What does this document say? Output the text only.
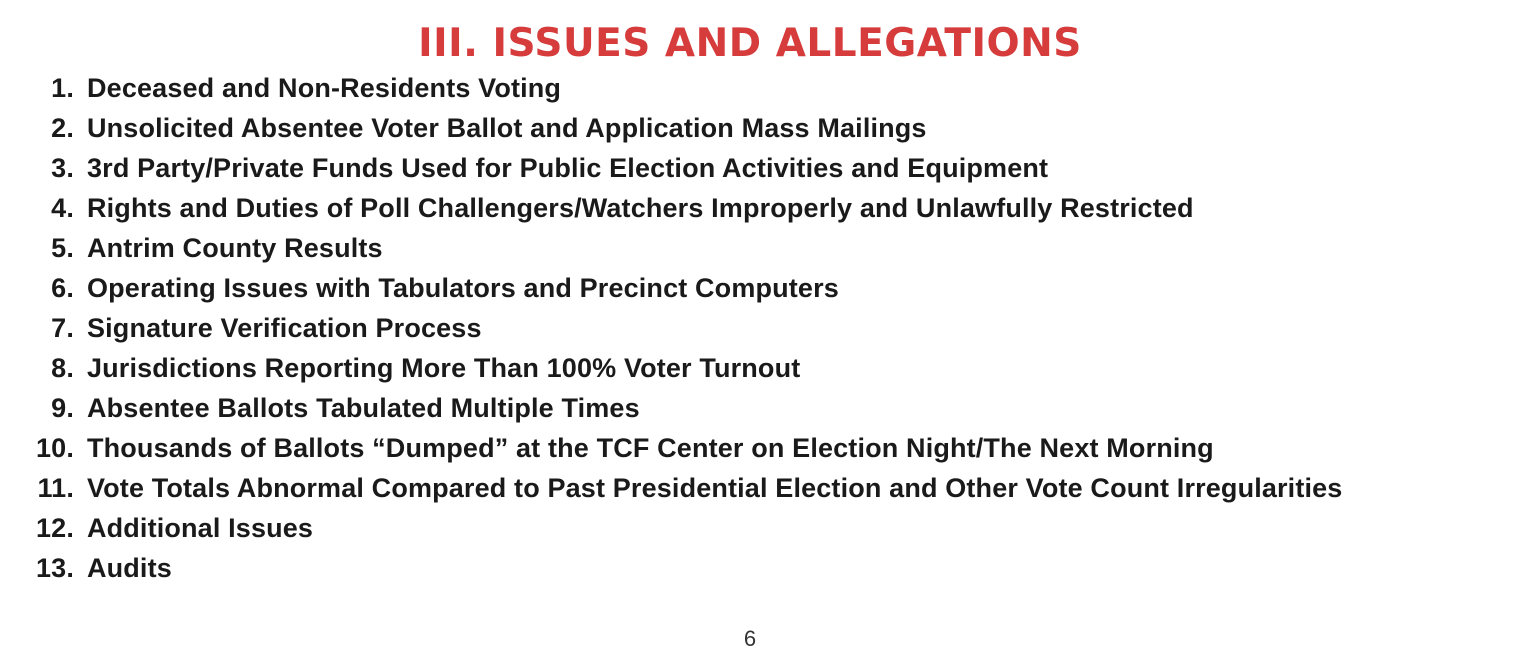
III. ISSUES AND ALLEGATIONS
1. Deceased and Non-Residents Voting
2. Unsolicited Absentee Voter Ballot and Application Mass Mailings
3. 3rd Party/Private Funds Used for Public Election Activities and Equipment
4. Rights and Duties of Poll Challengers/Watchers Improperly and Unlawfully Restricted
5. Antrim County Results
6. Operating Issues with Tabulators and Precinct Computers
7. Signature Verification Process
8. Jurisdictions Reporting More Than 100% Voter Turnout
9. Absentee Ballots Tabulated Multiple Times
10. Thousands of Ballots “Dumped” at the TCF Center on Election Night/The Next Morning
11. Vote Totals Abnormal Compared to Past Presidential Election and Other Vote Count Irregularities
12. Additional Issues
13. Audits
6
